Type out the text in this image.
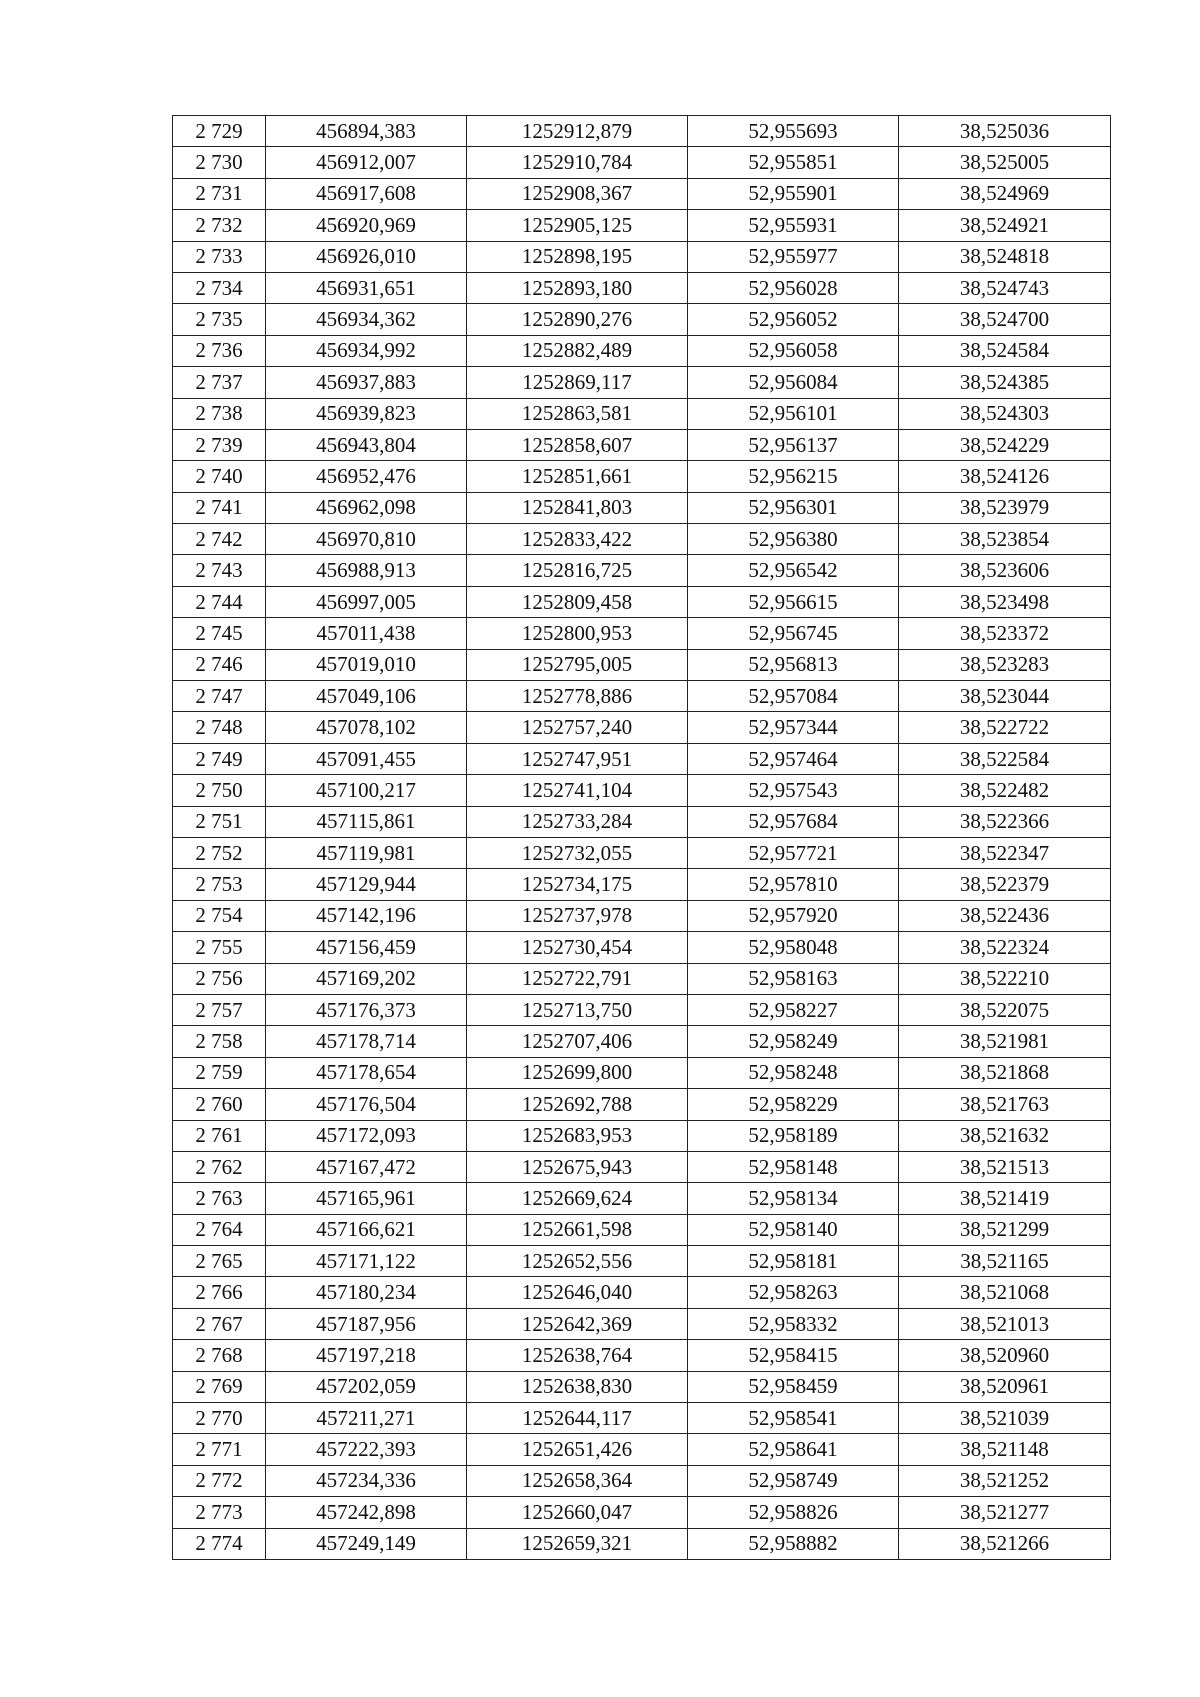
2 729	456894,383	1252912,879	52,955693	38,525036
2 730	456912,007	1252910,784	52,955851	38,525005
2 731	456917,608	1252908,367	52,955901	38,524969
2 732	456920,969	1252905,125	52,955931	38,524921
2 733	456926,010	1252898,195	52,955977	38,524818
2 734	456931,651	1252893,180	52,956028	38,524743
2 735	456934,362	1252890,276	52,956052	38,524700
2 736	456934,992	1252882,489	52,956058	38,524584
2 737	456937,883	1252869,117	52,956084	38,524385
2 738	456939,823	1252863,581	52,956101	38,524303
2 739	456943,804	1252858,607	52,956137	38,524229
2 740	456952,476	1252851,661	52,956215	38,524126
2 741	456962,098	1252841,803	52,956301	38,523979
2 742	456970,810	1252833,422	52,956380	38,523854
2 743	456988,913	1252816,725	52,956542	38,523606
2 744	456997,005	1252809,458	52,956615	38,523498
2 745	457011,438	1252800,953	52,956745	38,523372
2 746	457019,010	1252795,005	52,956813	38,523283
2 747	457049,106	1252778,886	52,957084	38,523044
2 748	457078,102	1252757,240	52,957344	38,522722
2 749	457091,455	1252747,951	52,957464	38,522584
2 750	457100,217	1252741,104	52,957543	38,522482
2 751	457115,861	1252733,284	52,957684	38,522366
2 752	457119,981	1252732,055	52,957721	38,522347
2 753	457129,944	1252734,175	52,957810	38,522379
2 754	457142,196	1252737,978	52,957920	38,522436
2 755	457156,459	1252730,454	52,958048	38,522324
2 756	457169,202	1252722,791	52,958163	38,522210
2 757	457176,373	1252713,750	52,958227	38,522075
2 758	457178,714	1252707,406	52,958249	38,521981
2 759	457178,654	1252699,800	52,958248	38,521868
2 760	457176,504	1252692,788	52,958229	38,521763
2 761	457172,093	1252683,953	52,958189	38,521632
2 762	457167,472	1252675,943	52,958148	38,521513
2 763	457165,961	1252669,624	52,958134	38,521419
2 764	457166,621	1252661,598	52,958140	38,521299
2 765	457171,122	1252652,556	52,958181	38,521165
2 766	457180,234	1252646,040	52,958263	38,521068
2 767	457187,956	1252642,369	52,958332	38,521013
2 768	457197,218	1252638,764	52,958415	38,520960
2 769	457202,059	1252638,830	52,958459	38,520961
2 770	457211,271	1252644,117	52,958541	38,521039
2 771	457222,393	1252651,426	52,958641	38,521148
2 772	457234,336	1252658,364	52,958749	38,521252
2 773	457242,898	1252660,047	52,958826	38,521277
2 774	457249,149	1252659,321	52,958882	38,521266
